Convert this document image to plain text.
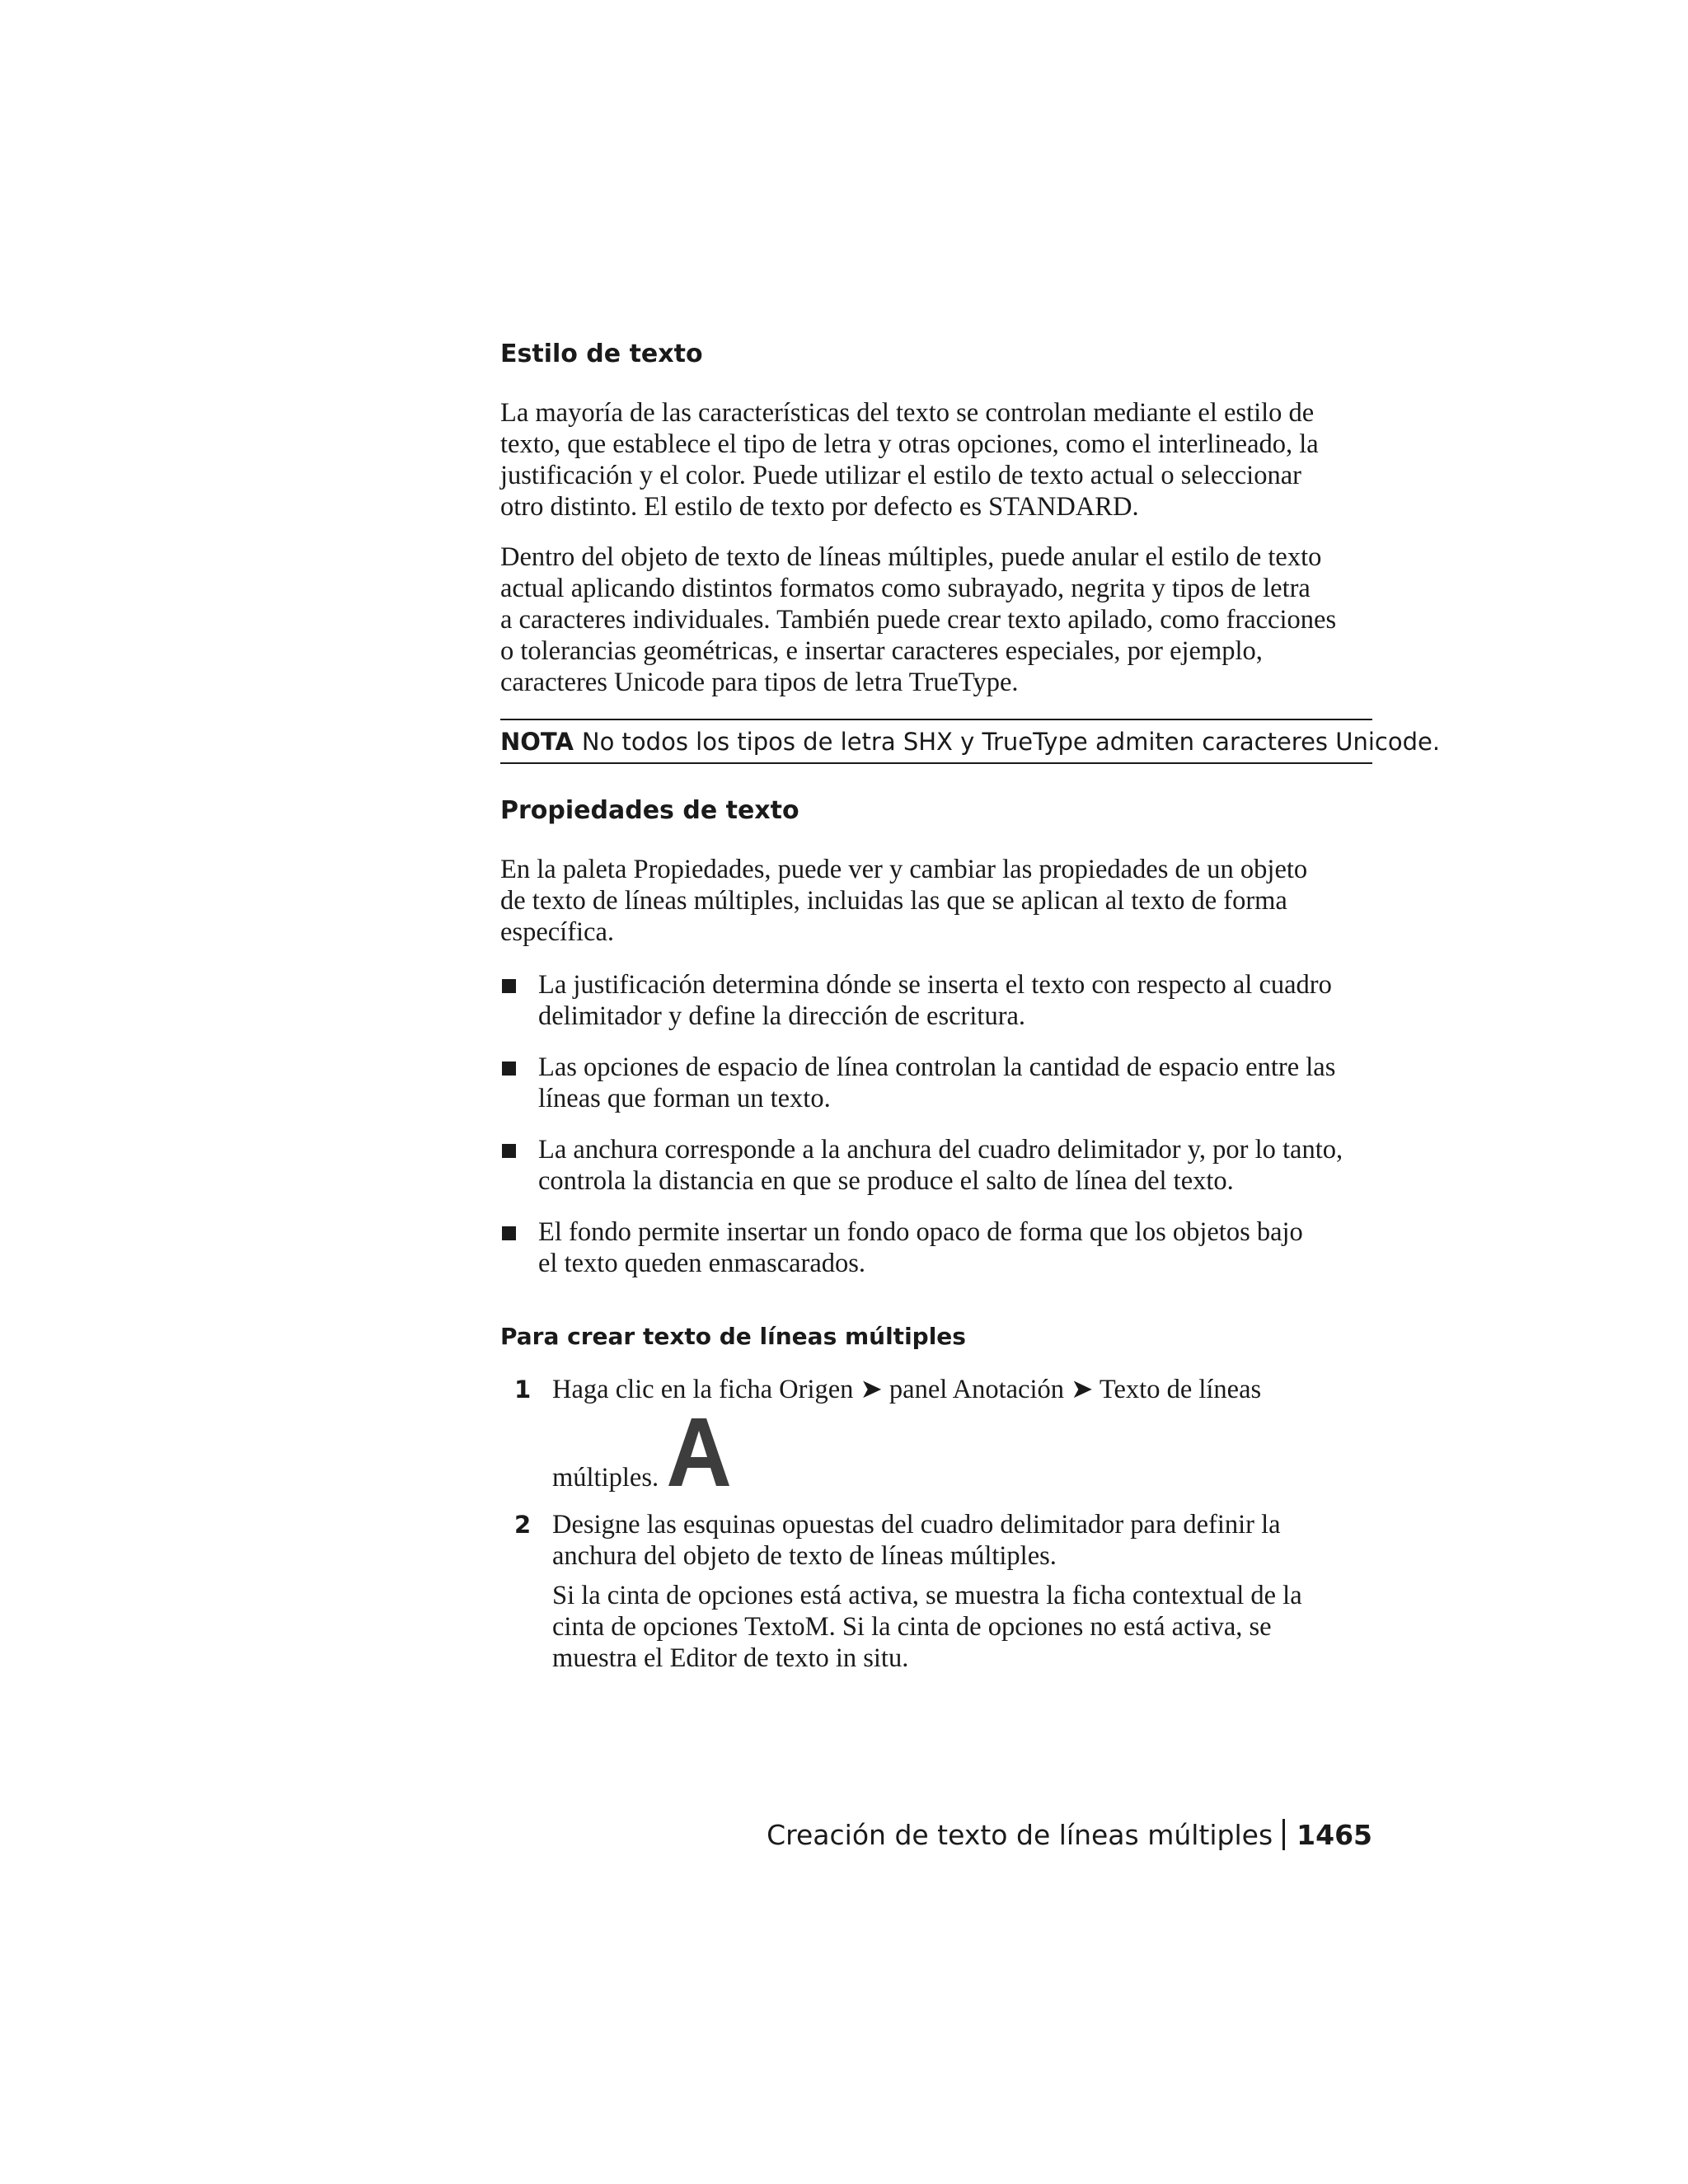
Estilo de texto
La mayoría de las características del texto se controlan mediante el estilo de
texto, que establece el tipo de letra y otras opciones, como el interlineado, la
justificación y el color. Puede utilizar el estilo de texto actual o seleccionar
otro distinto. El estilo de texto por defecto es STANDARD.
Dentro del objeto de texto de líneas múltiples, puede anular el estilo de texto
actual aplicando distintos formatos como subrayado, negrita y tipos de letra
a caracteres individuales. También puede crear texto apilado, como fracciones
o tolerancias geométricas, e insertar caracteres especiales, por ejemplo,
caracteres Unicode para tipos de letra TrueType.
NOTA No todos los tipos de letra SHX y TrueType admiten caracteres Unicode.
Propiedades de texto
En la paleta Propiedades, puede ver y cambiar las propiedades de un objeto
de texto de líneas múltiples, incluidas las que se aplican al texto de forma
específica.
La justificación determina dónde se inserta el texto con respecto al cuadro
delimitador y define la dirección de escritura.
Las opciones de espacio de línea controlan la cantidad de espacio entre las
líneas que forman un texto.
La anchura corresponde a la anchura del cuadro delimitador y, por lo tanto,
controla la distancia en que se produce el salto de línea del texto.
El fondo permite insertar un fondo opaco de forma que los objetos bajo
el texto queden enmascarados.
Para crear texto de líneas múltiples
1 Haga clic en la ficha Origen ➤ panel Anotación ➤ Texto de líneas
múltiples.
2 Designe las esquinas opuestas del cuadro delimitador para definir la
anchura del objeto de texto de líneas múltiples.
Si la cinta de opciones está activa, se muestra la ficha contextual de la
cinta de opciones TextoM. Si la cinta de opciones no está activa, se
muestra el Editor de texto in situ.
Creación de texto de líneas múltiples 1465
